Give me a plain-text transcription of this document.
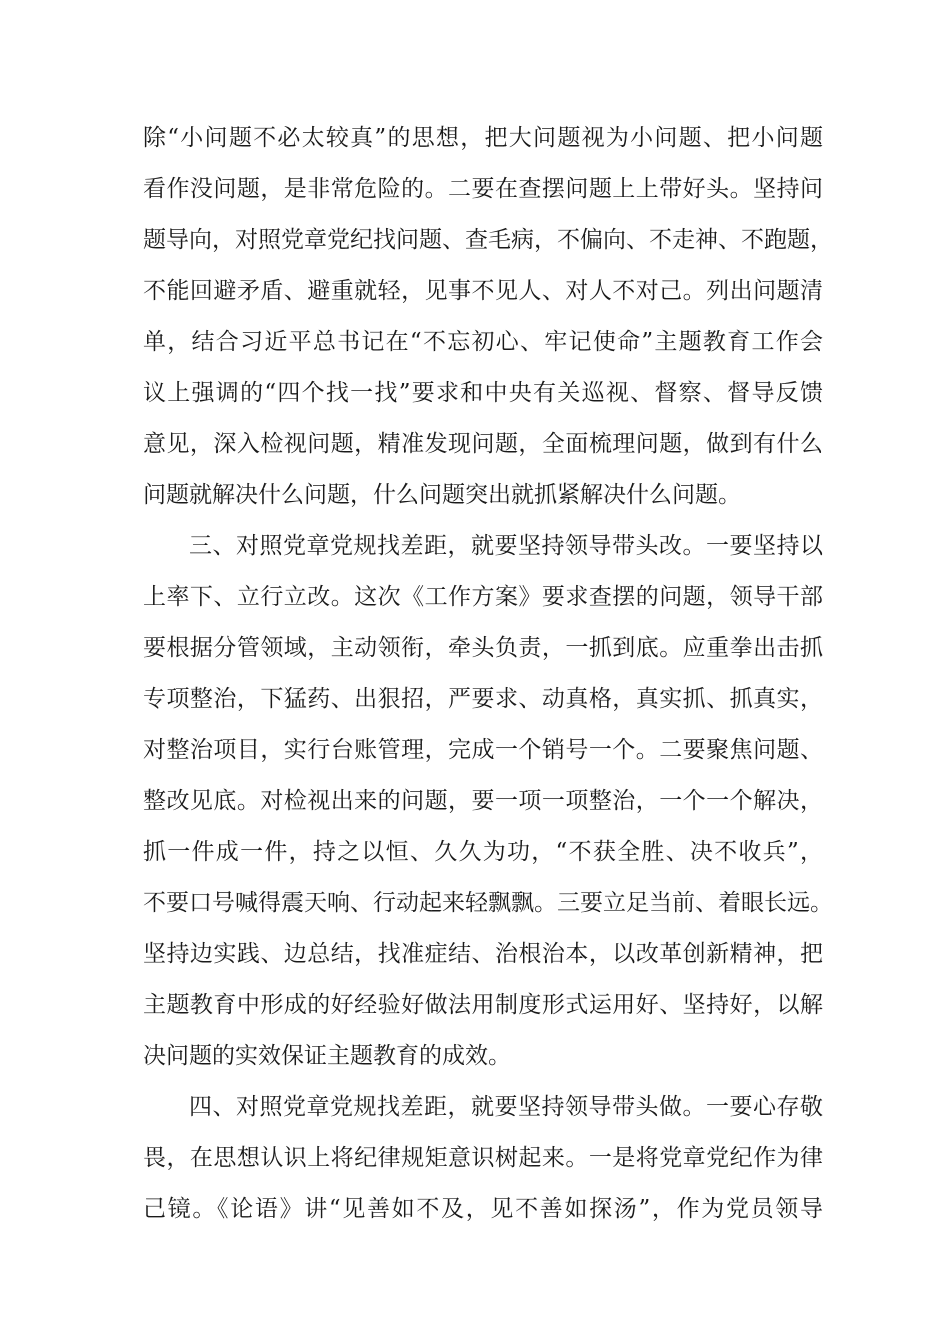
除“小问题不必太较真”的思想，把大问题视为小问题、把小问题
看作没问题，是非常危险的。二要在查摆问题上上带好头。坚持问
题导向，对照党章党纪找问题、查毛病，不偏向、不走神、不跑题，
不能回避矛盾、避重就轻，见事不见人、对人不对己。列出问题清
单，结合习近平总书记在“不忘初心、牢记使命”主题教育工作会
议上强调的“四个找一找”要求和中央有关巡视、督察、督导反馈
意见，深入检视问题，精准发现问题，全面梳理问题，做到有什么
问题就解决什么问题，什么问题突出就抓紧解决什么问题。
三、对照党章党规找差距，就要坚持领导带头改。一要坚持以
上率下、立行立改。这次《工作方案》要求查摆的问题，领导干部
要根据分管领域，主动领衔，牵头负责，一抓到底。应重拳出击抓
专项整治，下猛药、出狠招，严要求、动真格，真实抓、抓真实，
对整治项目，实行台账管理，完成一个销号一个。二要聚焦问题、
整改见底。对检视出来的问题，要一项一项整治，一个一个解决，
抓一件成一件，持之以恒、久久为功，“不获全胜、决不收兵”，
不要口号喊得震天响、行动起来轻飘飘。三要立足当前、着眼长远。
坚持边实践、边总结，找准症结、治根治本，以改革创新精神，把
主题教育中形成的好经验好做法用制度形式运用好、坚持好，以解
决问题的实效保证主题教育的成效。
四、对照党章党规找差距，就要坚持领导带头做。一要心存敬
畏，在思想认识上将纪律规矩意识树起来。一是将党章党纪作为律
己镜。《论语》讲“见善如不及，见不善如探汤”，作为党员领导
